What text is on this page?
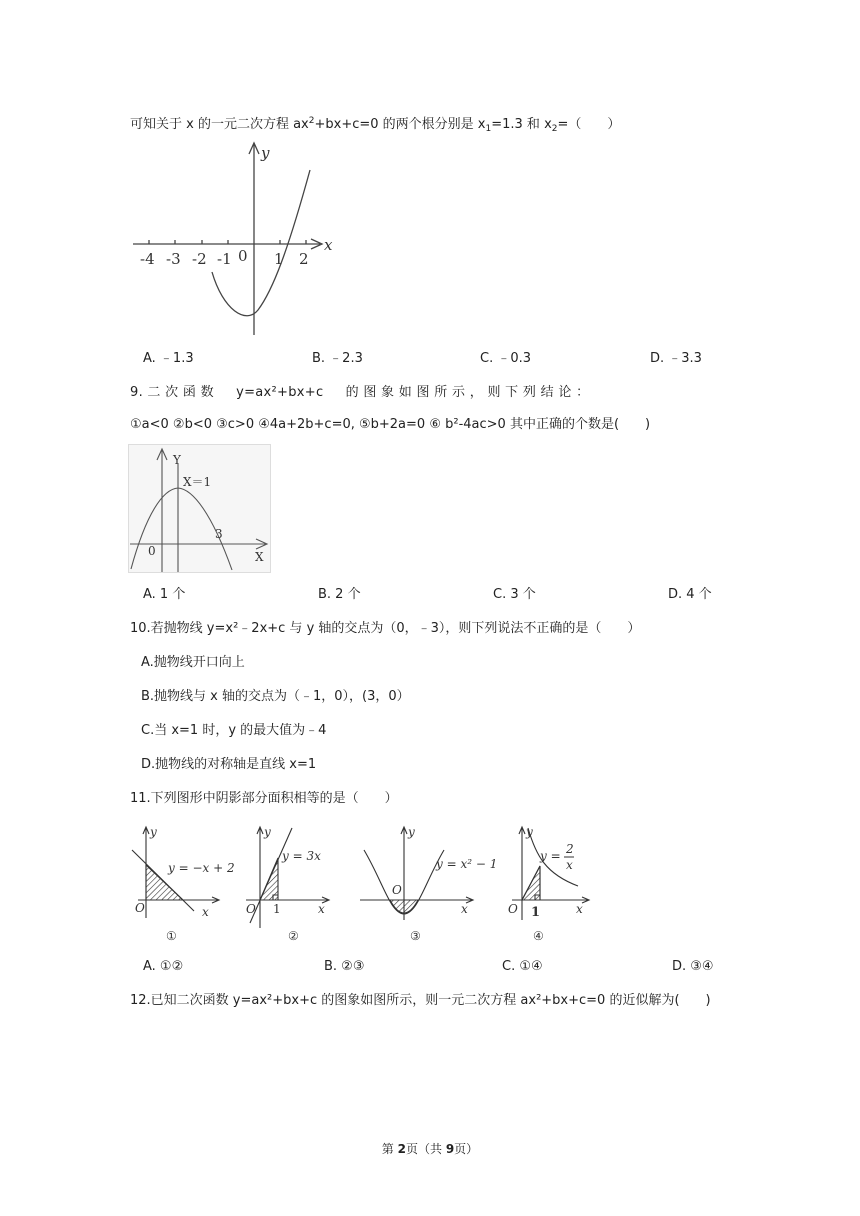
可知关于 x 的一元二次方程 $ax^2+bx+c=0$ 的两个根分别是 $x_1=1.3$ 和 $x_2=$（　　）
-4 -3 -2 -1 0 1 2
x
y
A. ﹣1.3	B. ﹣2.3	C. ﹣0.3	D. ﹣3.3
9. 二 次 函 数 　 y=ax²+bx+c 　 的 图 象 如 图 所 示 ， 则 下 列 结 论 ：
①a<0 ②b<0 ③c>0 ④4a+2b+c=0, ⑤b+2a=0 ⑥ b²-4ac>0 其中正确的个数是(　　)
Y
X＝1
0
3
X
A. 1 个	B. 2 个	C. 3 个	D. 4 个
10.若抛物线 y=x²﹣2x+c 与 y 轴的交点为（0，﹣3），则下列说法不正确的是（　　）
A.抛物线开口向上
B.抛物线与 x 轴的交点为（﹣1，0），(3，0）
C.当 x=1 时，y 的最大值为﹣4
D.抛物线的对称轴是直线 x=1
11.下列图形中阴影部分面积相等的是（　　）
y
y = −x + 2
O	x
y
y = 3x
O	x
y
y = x² − 1
O
x
y
y = 2
x
O	x
1	1
①	②	③	④
A. ①②	B. ②③	C. ①④	D. ③④
12.已知二次函数 y=ax²+bx+c 的图象如图所示，则一元二次方程 ax²+bx+c=0 的近似解为(　　)
第 2页（共 9页）
